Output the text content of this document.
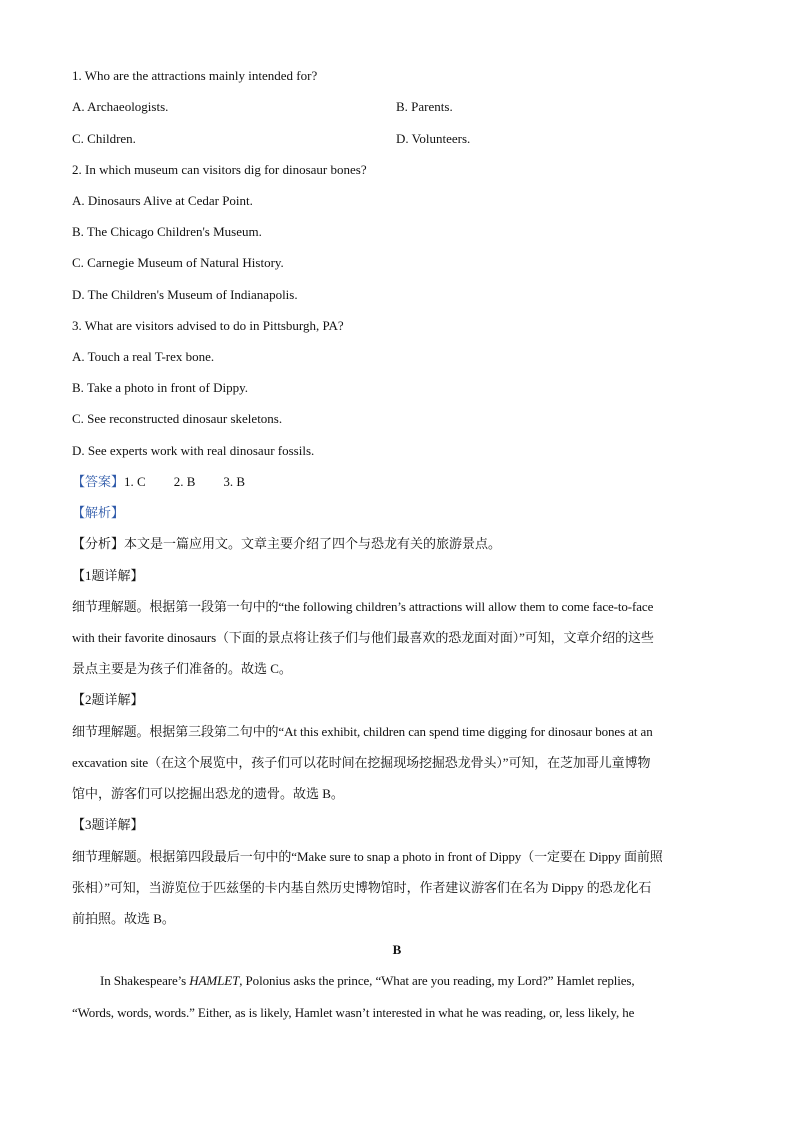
1. Who are the attractions mainly intended for?
A. Archaeologists.	B. Parents.
C. Children.	D. Volunteers.
2. In which museum can visitors dig for dinosaur bones?
A. Dinosaurs Alive at Cedar Point.
B. The Chicago Children's Museum.
C. Carnegie Museum of Natural History.
D. The Children's Museum of Indianapolis.
3. What are visitors advised to do in Pittsburgh, PA?
A. Touch a real T-rex bone.
B. Take a photo in front of Dippy.
C. See reconstructed dinosaur skeletons.
D. See experts work with real dinosaur fossils.
【答案】1. C 2. B 3. B
【解析】
【分析】本文是一篇应用文。文章主要介绍了四个与恐龙有关的旅游景点。
【1题详解】
细节理解题。根据第一段第一句中的“the following children’s attractions will allow them to come face-to-face
with their favorite dinosaurs（下面的景点将让孩子们与他们最喜欢的恐龙面对面）”可知，文章介绍的这些
景点主要是为孩子们准备的。故选 C。
【2题详解】
细节理解题。根据第三段第二句中的“At this exhibit, children can spend time digging for dinosaur bones at an
excavation site（在这个展览中，孩子们可以花时间在挖掘现场挖掘恐龙骨头）”可知，在芝加哥儿童博物
馆中，游客们可以挖掘出恐龙的遗骨。故选 B。
【3题详解】
细节理解题。根据第四段最后一句中的“Make sure to snap a photo in front of Dippy（一定要在 Dippy 面前照
张相）”可知，当游览位于匹兹堡的卡内基自然历史博物馆时，作者建议游客们在名为 Dippy 的恐龙化石
前拍照。故选 B。
B
In Shakespeare’s HAMLET, Polonius asks the prince, “What are you reading, my Lord?” Hamlet replies,
“Words, words, words.” Either, as is likely, Hamlet wasn’t interested in what he was reading, or, less likely, he
